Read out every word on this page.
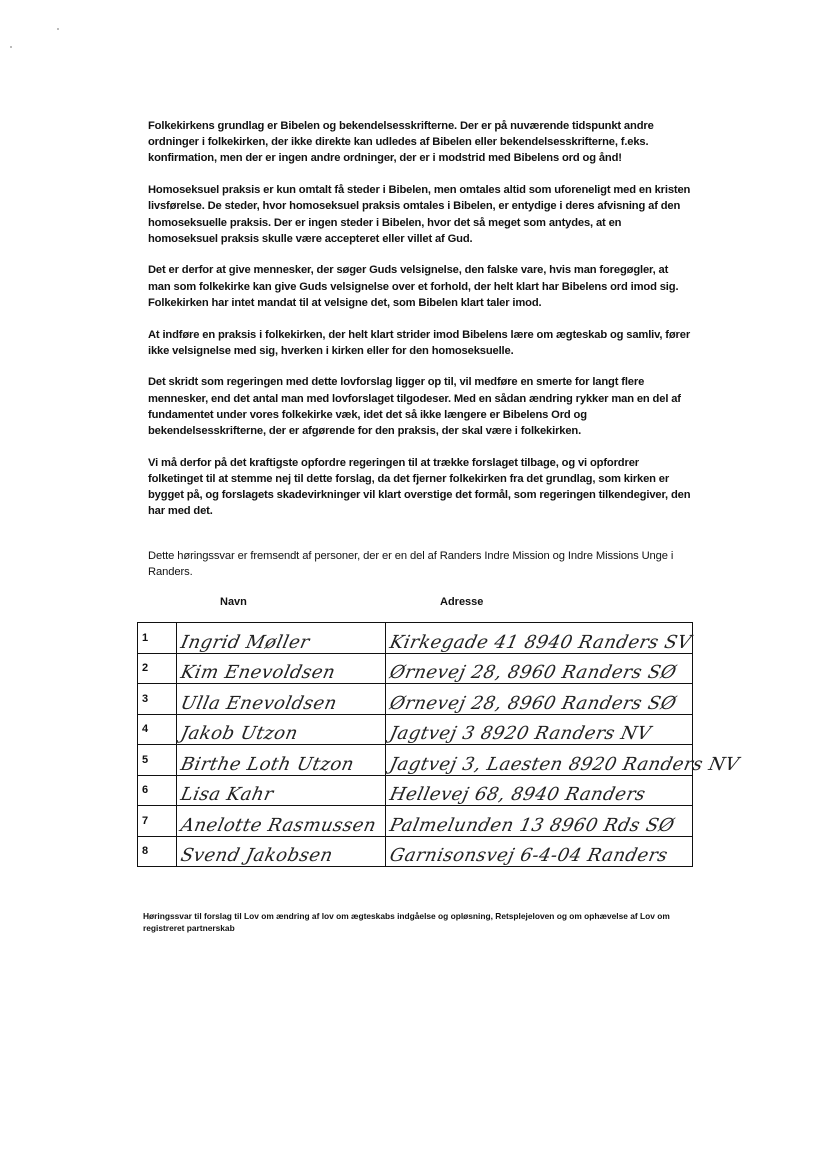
Folkekirkens grundlag er Bibelen og bekendelsesskrifterne. Der er på nuværende tidspunkt andre ordninger i folkekirken, der ikke direkte kan udledes af Bibelen eller bekendelsesskrifterne, f.eks. konfirmation, men der er ingen andre ordninger, der er i modstrid med Bibelens ord og ånd!

Homoseksuel praksis er kun omtalt få steder i Bibelen, men omtales altid som uforeneligt med en kristen livsførelse. De steder, hvor homoseksuel praksis omtales i Bibelen, er entydige i deres afvisning af den homoseksuelle praksis. Der er ingen steder i Bibelen, hvor det så meget som antydes, at en homoseksuel praksis skulle være accepteret eller villet af Gud.

Det er derfor at give mennesker, der søger Guds velsignelse, den falske vare, hvis man foregøgler, at man som folkekirke kan give Guds velsignelse over et forhold, der helt klart har Bibelens ord imod sig. Folkekirken har intet mandat til at velsigne det, som Bibelen klart taler imod.

At indføre en praksis i folkekirken, der helt klart strider imod Bibelens lære om ægteskab og samliv, fører ikke velsignelse med sig, hverken i kirken eller for den homoseksuelle.

Det skridt som regeringen med dette lovforslag ligger op til, vil medføre en smerte for langt flere mennesker, end det antal man med lovforslaget tilgodeser. Med en sådan ændring rykker man en del af fundamentet under vores folkekirke væk, idet det så ikke længere er Bibelens Ord og bekendelsesskrifterne, der er afgørende for den praksis, der skal være i folkekirken.

Vi må derfor på det kraftigste opfordre regeringen til at trække forslaget tilbage, og vi opfordrer folketinget til at stemme nej til dette forslag, da det fjerner folkekirken fra det grundlag, som kirken er bygget på, og forslagets skadevirkninger vil klart overstige det formål, som regeringen tilkendegiver, den har med det.

Dette høringssvar er fremsendt af personer, der er en del af Randers Indre Mission og Indre Missions Unge i Randers.
Navn	Adresse
1	Ingrid Møller	Kirkegade 41 8940 Randers SV
2	Kim Enevoldsen	Ørnevej 28, 8960 Randers SØ
3	Ulla Enevoldsen	Ørnevej 28, 8960 Randers SØ
4	Jakob Utzon	Jagtvej 3 8920 Randers NV
5	Birthe Loth Utzon	Jagtvej 3, Laesten 8920 Randers NV
6	Lisa Kahr	Hellevej 68, 8940 Randers
7	Anelotte Rasmussen	Palmelunden 13 8960 Rds SØ
8	Svend Jakobsen	Garnisonsvej 6-4-04 Randers
Høringssvar til forslag til Lov om ændring af lov om ægteskabs indgåelse og opløsning, Retsplejeloven og om ophævelse af Lov om registreret partnerskab
